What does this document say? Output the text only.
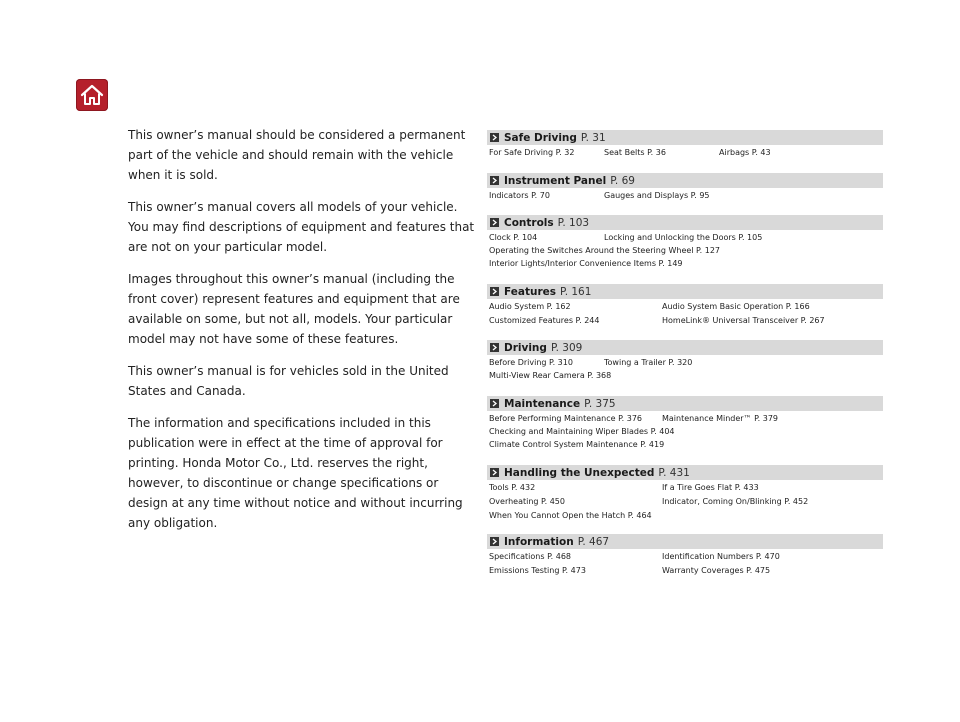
This owner’s manual should be considered a permanent part of the vehicle and should remain with the vehicle when it is sold.

This owner’s manual covers all models of your vehicle. You may find descriptions of equipment and features that are not on your particular model.

Images throughout this owner’s manual (including the front cover) represent features and equipment that are available on some, but not all, models. Your particular model may not have some of these features.

This owner’s manual is for vehicles sold in the United States and Canada.

The information and specifications included in this publication were in effect at the time of approval for printing. Honda Motor Co., Ltd. reserves the right, however, to discontinue or change specifications or design at any time without notice and without incurring any obligation.

Safe Driving P. 31
For Safe Driving P. 32	Seat Belts P. 36	Airbags P. 43
Instrument Panel P. 69
Indicators P. 70	Gauges and Displays P. 95
Controls P. 103
Clock P. 104	Locking and Unlocking the Doors P. 105
Operating the Switches Around the Steering Wheel P. 127
Interior Lights/Interior Convenience Items P. 149
Features P. 161
Audio System P. 162	Audio System Basic Operation P. 166
Customized Features P. 244	HomeLink® Universal Transceiver P. 267
Driving P. 309
Before Driving P. 310	Towing a Trailer P. 320
Multi-View Rear Camera P. 368
Maintenance P. 375
Before Performing Maintenance P. 376 Maintenance Minder™ P. 379
Checking and Maintaining Wiper Blades P. 404
Climate Control System Maintenance P. 419
Handling the Unexpected P. 431
Tools P. 432	If a Tire Goes Flat P. 433
Overheating P. 450	Indicator, Coming On/Blinking P. 452
When You Cannot Open the Hatch P. 464
Information P. 467
Specifications P. 468	Identification Numbers P. 470
Emissions Testing P. 473	Warranty Coverages P. 475
